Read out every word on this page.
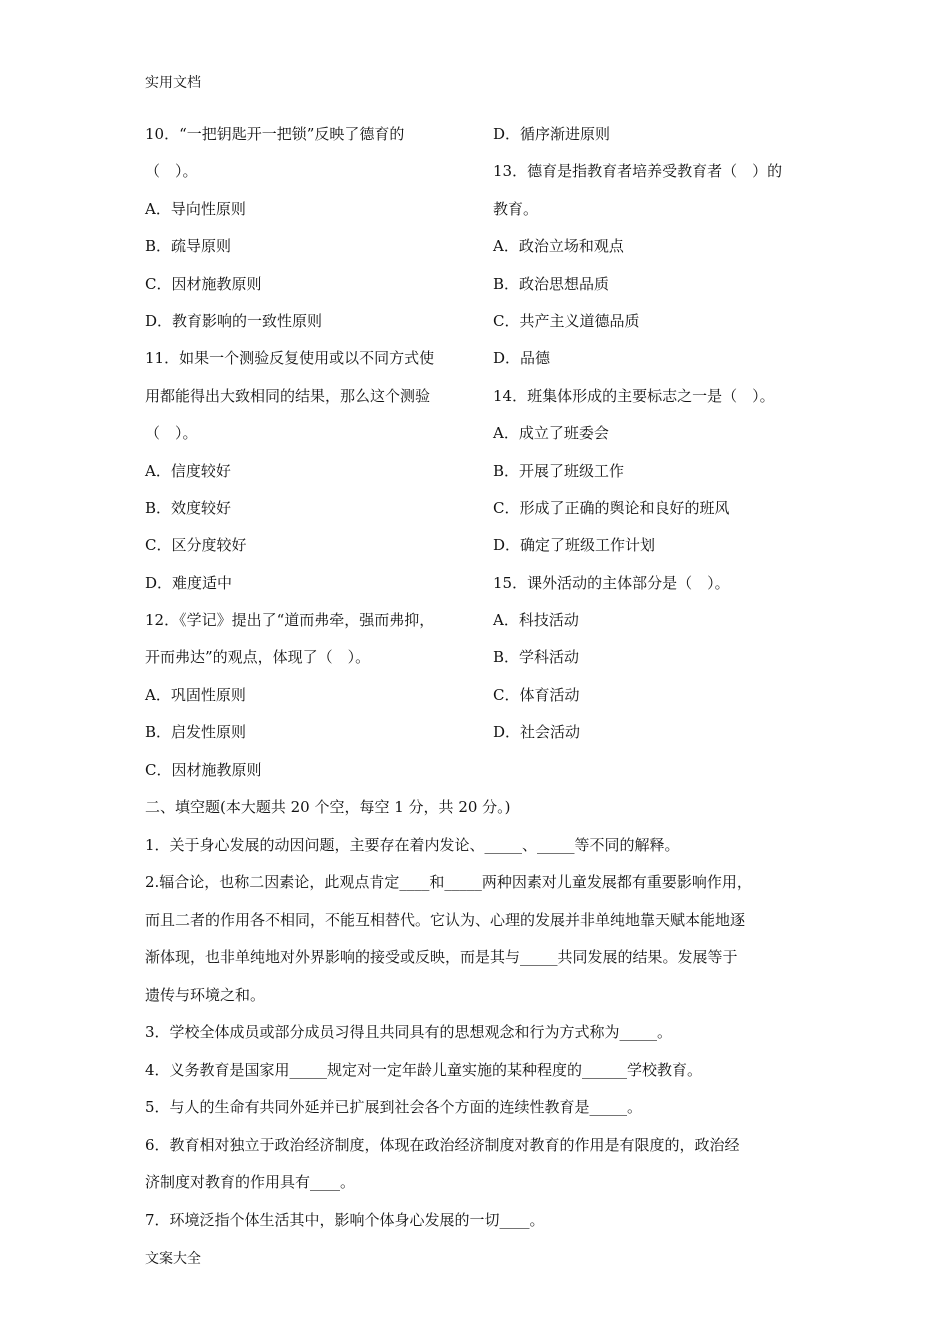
实用文档
10．“一把钥匙开一把锁”反映了德育的
（　）。
A．导向性原则
B．疏导原则
C．因材施教原则
D．教育影响的一致性原则
11．如果一个测验反复使用或以不同方式使
用都能得出大致相同的结果，那么这个测验
（　）。
A．信度较好
B．效度较好
C．区分度较好
D．难度适中
12．《学记》提出了“道而弗牵，强而弗抑，
开而弗达”的观点，体现了（　）。
A．巩固性原则
B．启发性原则
C．因材施教原则
D．循序渐进原则
13．德育是指教育者培养受教育者（　）的
教育。
A．政治立场和观点
B．政治思想品质
C．共产主义道德品质
D．品德
14．班集体形成的主要标志之一是（　）。
A．成立了班委会
B．开展了班级工作
C．形成了正确的舆论和良好的班风
D．确定了班级工作计划
15．课外活动的主体部分是（　）。
A．科技活动
B．学科活动
C．体育活动
D．社会活动
二、填空题(本大题共 20 个空，每空 1 分，共 20 分。)
1．关于身心发展的动因问题，主要存在着内发论、_____、_____等不同的解释。
2.辐合论，也称二因素论，此观点肯定____和_____两种因素对儿童发展都有重要影响作用，
而且二者的作用各不相同，不能互相替代。它认为、心理的发展并非单纯地靠天赋本能地逐
渐体现，也非单纯地对外界影响的接受或反映，而是其与_____共同发展的结果。发展等于
遗传与环境之和。
3．学校全体成员或部分成员习得且共同具有的思想观念和行为方式称为_____。
4．义务教育是国家用_____规定对一定年龄儿童实施的某种程度的______学校教育。
5．与人的生命有共同外延并已扩展到社会各个方面的连续性教育是_____。
6．教育相对独立于政治经济制度，体现在政治经济制度对教育的作用是有限度的，政治经
济制度对教育的作用具有____。
7．环境泛指个体生活其中，影响个体身心发展的一切____。
文案大全
